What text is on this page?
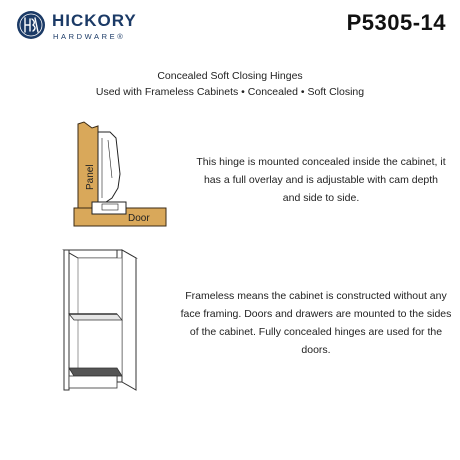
HICKORY
HARDWARE®
P5305-14
Concealed Soft Closing Hinges
Used with Frameless Cabinets • Concealed • Soft Closing
Panel
Door

This hinge is mounted concealed inside the cabinet, it has a full overlay and is adjustable with cam depth and side to side.

Frameless means the cabinet is constructed without any face framing. Doors and drawers are mounted to the sides of the cabinet. Fully concealed hinges are used for the doors.
